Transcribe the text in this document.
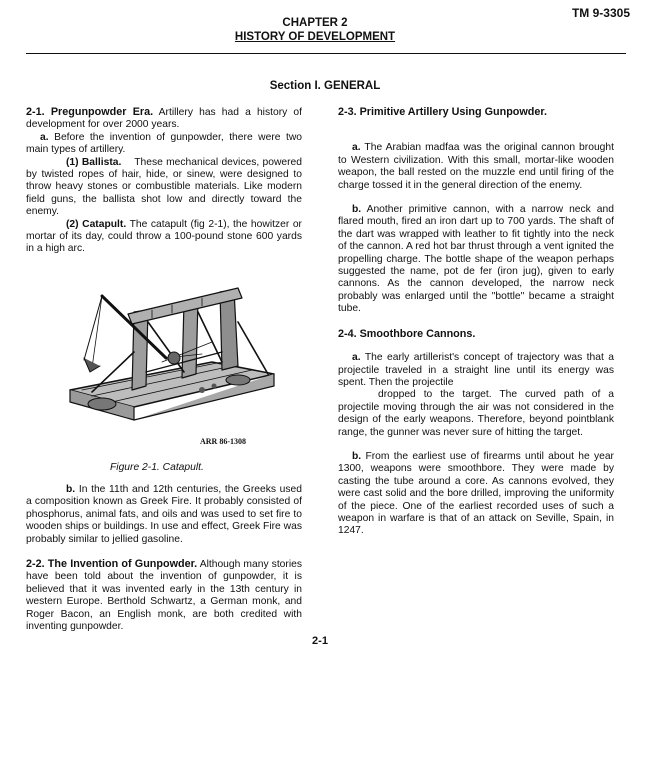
TM 9-3305
CHAPTER 2
HISTORY OF DEVELOPMENT
Section I. GENERAL

2-1. Pregunpowder Era. Artillery has had a history of development for over 2000 years.

a. Before the invention of gunpowder, there were two main types of artillery.

(1) Ballista. These mechanical devices, powered by twisted ropes of hair, hide, or sinew, were designed to throw heavy stones or combustible materials. Like modern field guns, the ballista shot low and directly toward the enemy.

(2) Catapult. The catapult (fig 2-1), the howitzer or mortar of its day, could throw a 100-pound stone 600 yards in a high arc.

ARR 86-1308
Figure 2-1. Catapult.

b. In the 11th and 12th centuries, the Greeks used a composition known as Greek Fire. It probably consisted of phosphorus, animal fats, and oils and was used to set fire to wooden ships or buildings. In use and effect, Greek Fire was probably similar to jellied gasoline.

2-2. The Invention of Gunpowder. Although many stories have been told about the invention of gunpowder, it is believed that it was invented early in the 13th century in western Europe. Berthold Schwartz, a German monk, and Roger Bacon, an English monk, are both credited with inventing gunpowder.

2-3. Primitive Artillery Using Gunpowder.

a. The Arabian madfaa was the original cannon brought to Western civilization. With this small, mortar-like wooden weapon, the ball rested on the muzzle end until firing of the charge tossed it in the general direction of the enemy.

b. Another primitive cannon, with a narrow neck and flared mouth, fired an iron dart up to 700 yards. The shaft of the dart was wrapped with leather to fit tightly into the neck of the cannon. A red hot bar thrust through a vent ignited the propelling charge. The bottle shape of the weapon perhaps suggested the name, pot de fer (iron jug), given to early cannons. As the cannon developed, the narrow neck probably was enlarged until the "bottle" became a straight tube.

2-4. Smoothbore Cannons.

a. The early artillerist's concept of trajectory was that a projectile traveled in a straight line until its energy was spent. Then the projectile

dropped to the target. The curved path of a projectile moving through the air was not considered in the design of the early weapons. Therefore, beyond pointblank range, the gunner was never sure of hitting the target.

b. From the earliest use of firearms until about he year 1300, weapons were smoothbore. They were made by casting the tube around a core. As cannons evolved, they were cast solid and the bore drilled, improving the uniformity of the piece. One of the earliest recorded uses of such a weapon in warfare is that of an attack on Seville, Spain, in 1247.

2-1
